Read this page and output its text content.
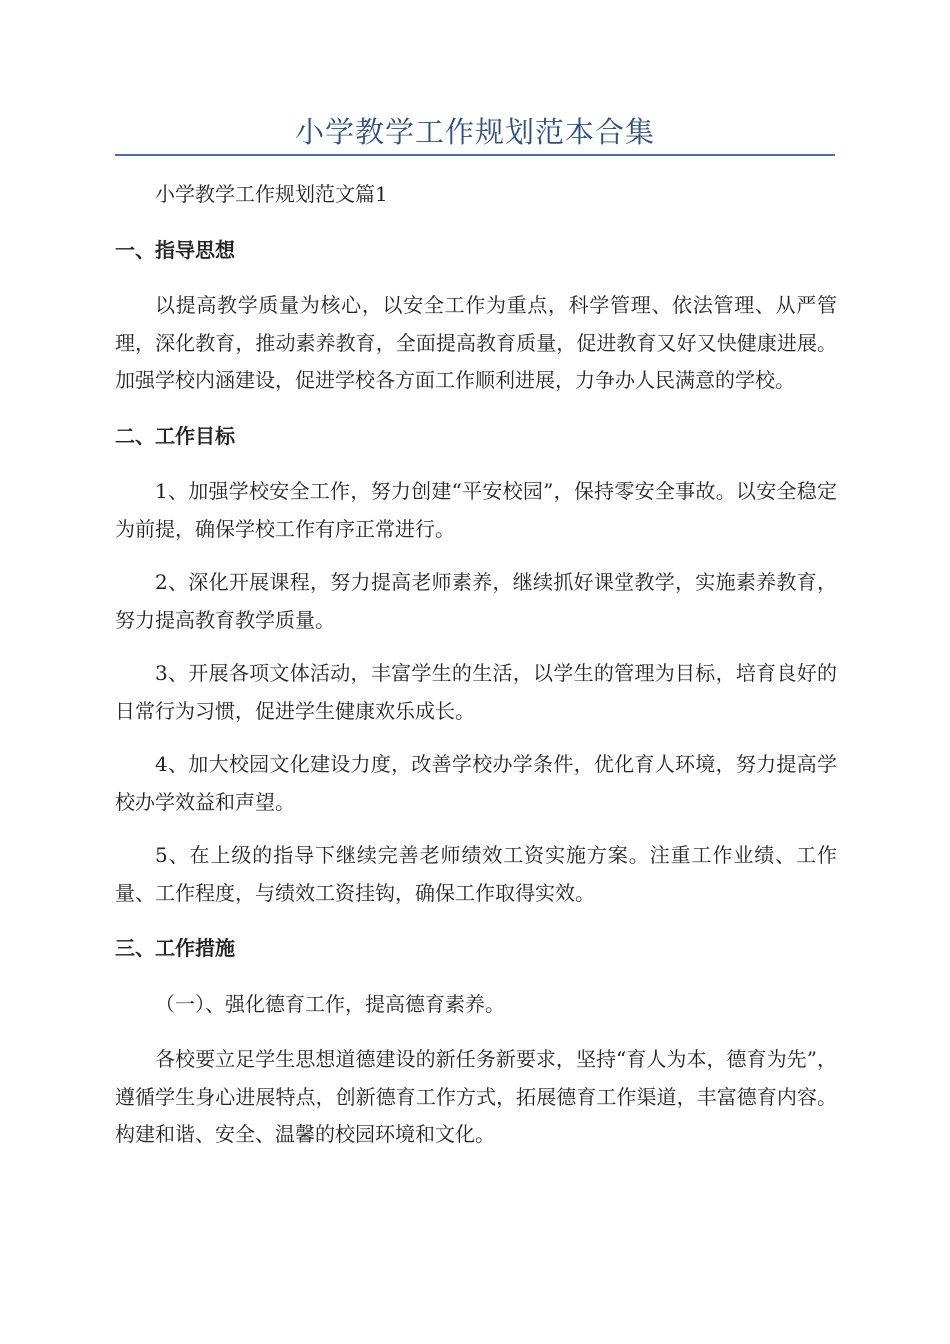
小学教学工作规划范本合集

小学教学工作规划范文篇1

一、指导思想

以提高教学质量为核心，以安全工作为重点，科学管理、依法管理、从严管理，深化教育，推动素养教育，全面提高教育质量，促进教育又好又快健康进展。加强学校内涵建设，促进学校各方面工作顺利进展，力争办人民满意的学校。

二、工作目标

1、加强学校安全工作，努力创建“平安校园”，保持零安全事故。以安全稳定为前提，确保学校工作有序正常进行。

2、深化开展课程，努力提高老师素养，继续抓好课堂教学，实施素养教育，努力提高教育教学质量。

3、开展各项文体活动，丰富学生的生活，以学生的管理为目标，培育良好的日常行为习惯，促进学生健康欢乐成长。

4、加大校园文化建设力度，改善学校办学条件，优化育人环境，努力提高学校办学效益和声望。

5、在上级的指导下继续完善老师绩效工资实施方案。注重工作业绩、工作量、工作程度，与绩效工资挂钩，确保工作取得实效。

三、工作措施

（一）、强化德育工作，提高德育素养。

各校要立足学生思想道德建设的新任务新要求，坚持“育人为本，德育为先”，遵循学生身心进展特点，创新德育工作方式，拓展德育工作渠道，丰富德育内容。构建和谐、安全、温馨的校园环境和文化。
